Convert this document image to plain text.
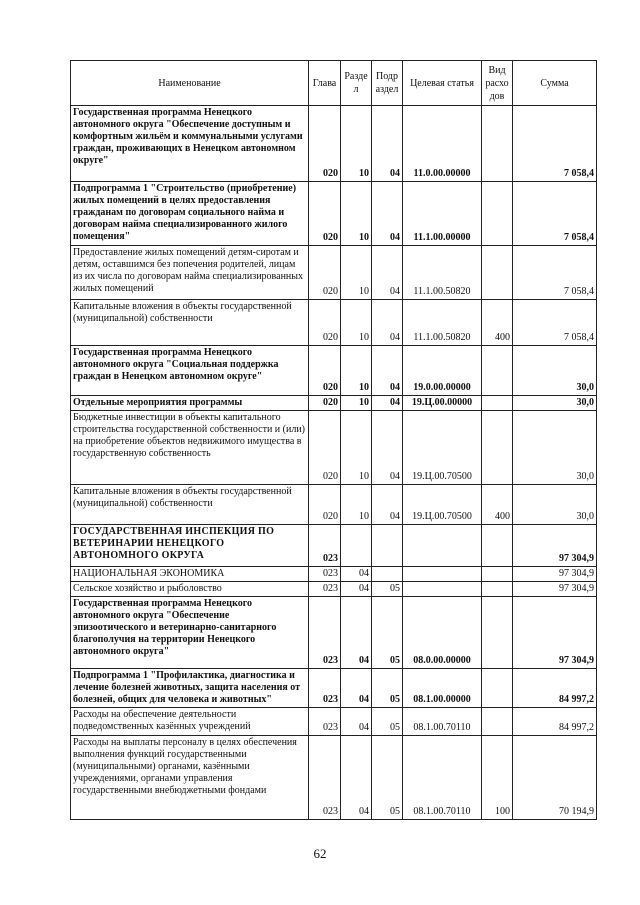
Наименование	Глава	Разде л	Подр аздел	Целевая статья	Вид расхо дов	Сумма
Государственная программа Ненецкого автономного округа "Обеспечение доступным и комфортным жильём и коммунальными услугами граждан, проживающих в Ненецком автономном округе"	020	10	04	11.0.00.00000		7 058,4
Подпрограмма 1 "Строительство (приобретение) жилых помещений в целях предоставления гражданам по договорам социального найма и договорам найма специализированного жилого помещения"	020	10	04	11.1.00.00000		7 058,4
Предоставление жилых помещений детям-сиротам и детям, оставшимся без попечения родителей, лицам из их числа по договорам найма специализированных жилых помещений	020	10	04	11.1.00.50820		7 058,4
Капитальные вложения в объекты государственной (муниципальной) собственности	020	10	04	11.1.00.50820	400	7 058,4
Государственная программа Ненецкого автономного округа "Социальная поддержка граждан в Ненецком автономном округе"	020	10	04	19.0.00.00000		30,0
Отдельные мероприятия программы	020	10	04	19.Ц.00.00000		30,0
Бюджетные инвестиции в объекты капитального строительства государственной собственности и (или) на приобретение объектов недвижимого имущества в государственную собственность	020	10	04	19.Ц.00.70500		30,0
Капитальные вложения в объекты государственной (муниципальной) собственности	020	10	04	19.Ц.00.70500	400	30,0
ГОСУДАРСТВЕННАЯ ИНСПЕКЦИЯ ПО ВЕТЕРИНАРИИ НЕНЕЦКОГО АВТОНОМНОГО ОКРУГА	023					97 304,9
НАЦИОНАЛЬНАЯ ЭКОНОМИКА	023	04				97 304,9
Сельское хозяйство и рыболовство	023	04	05			97 304,9
Государственная программа Ненецкого автономного округа "Обеспечение эпизоотического и ветеринарно-санитарного благополучия на территории Ненецкого автономного округа"	023	04	05	08.0.00.00000		97 304,9
Подпрограмма 1 "Профилактика, диагностика и лечение болезней животных, защита населения от болезней, общих для человека и животных"	023	04	05	08.1.00.00000		84 997,2
Расходы на обеспечение деятельности подведомственных казённых учреждений	023	04	05	08.1.00.70110		84 997,2
Расходы на выплаты персоналу в целях обеспечения выполнения функций государственными (муниципальными) органами, казёнными учреждениями, органами управления государственными внебюджетными фондами	023	04	05	08.1.00.70110	100	70 194,9
62
